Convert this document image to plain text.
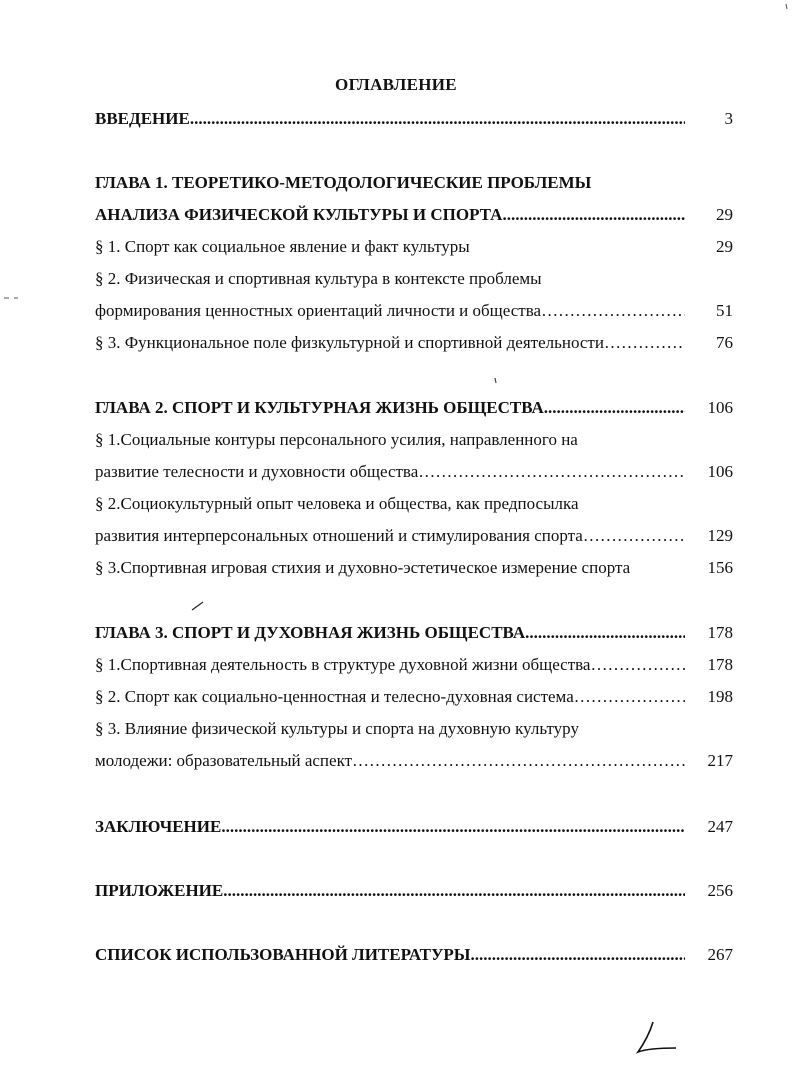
ОГЛАВЛЕНИЕ
ВВЕДЕНИЕ .....	3
ГЛАВА 1. ТЕОРЕТИКО-МЕТОДОЛОГИЧЕСКИЕ ПРОБЛЕМЫ
АНАЛИЗА ФИЗИЧЕСКОЙ КУЛЬТУРЫ И СПОРТА .....	29
§ 1. Спорт как социальное явление и факт культуры	29
§ 2. Физическая и спортивная культура в контексте проблемы
формирования ценностных ориентаций личности и общества ……………………………………………………………………………………………………………………………………………	51
§ 3. Функциональное поле физкультурной и спортивной деятельности ……………………………………………………………………………………………………………………………………………	76
ГЛАВА 2. СПОРТ И КУЛЬТУРНАЯ ЖИЗНЬ ОБЩЕСТВА .....	106
§ 1.Социальные контуры персонального усилия, направленного на
развитие телесности и духовности общества ……………………………………………………………………………………………………………………………………………	106
§ 2.Социокультурный опыт человека и общества, как предпосылка
развития интерперсональных отношений и стимулирования спорта ……………………………………………………………………………………………………………………………………………	129
§ 3.Спортивная игровая стихия и духовно-эстетическое измерение спорта	156
ГЛАВА 3. СПОРТ И ДУХОВНАЯ ЖИЗНЬ ОБЩЕСТВА .....	178
§ 1.Спортивная деятельность в структуре духовной жизни общества ……………………………………………………………………………………………………………………………………………	178
§ 2. Спорт как социально-ценностная и телесно-духовная система ……………………………………………………………………………………………………………………………………………	198
§ 3. Влияние физической культуры и спорта на духовную культуру
молодежи: образовательный аспект ……………………………………………………………………………………………………………………………………………	217
ЗАКЛЮЧЕНИЕ .....	247
ПРИЛОЖЕНИЕ .....	256
СПИСОК ИСПОЛЬЗОВАННОЙ ЛИТЕРАТУРЫ .....	267
